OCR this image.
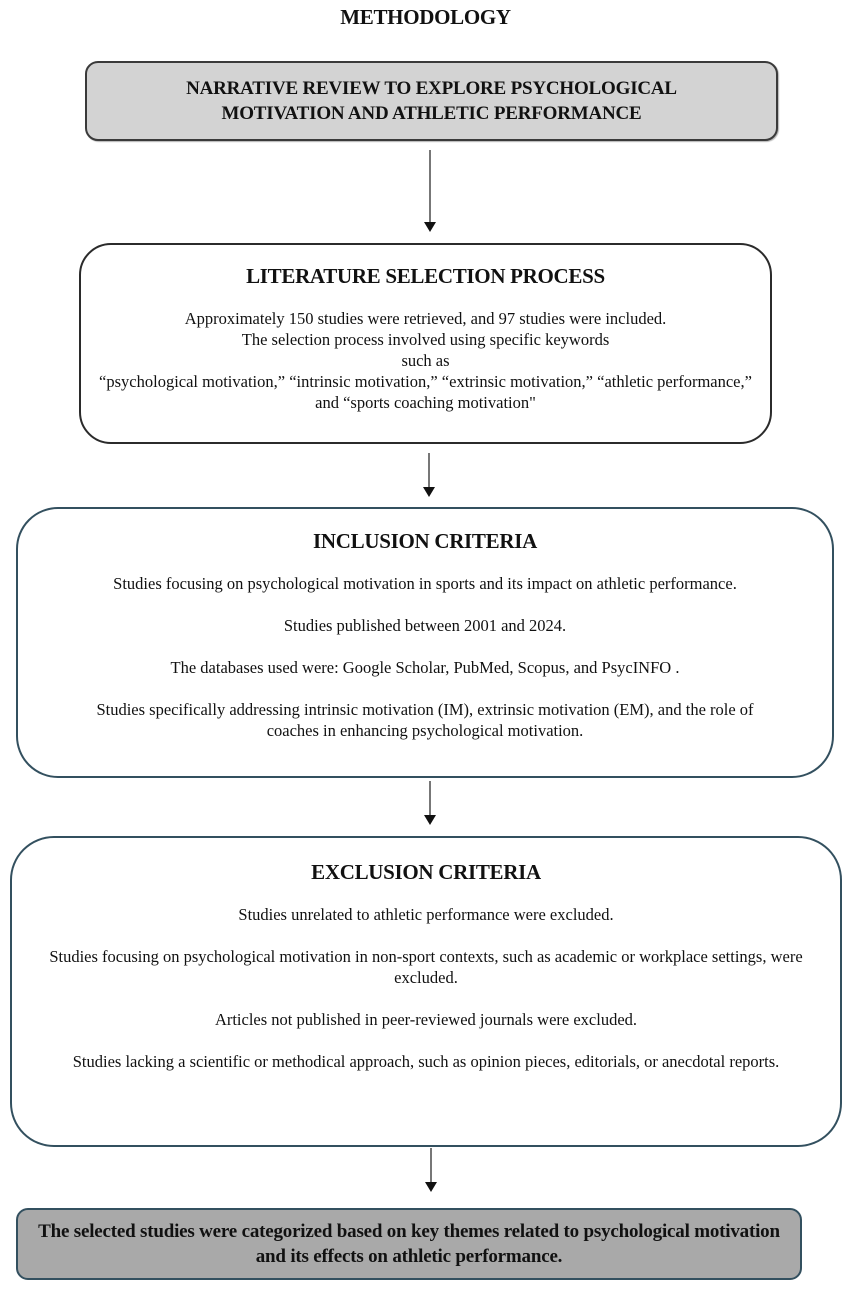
METHODOLOGY
NARRATIVE REVIEW TO EXPLORE PSYCHOLOGICAL MOTIVATION AND ATHLETIC PERFORMANCE
LITERATURE SELECTION PROCESS
Approximately 150 studies were retrieved, and 97 studies were included.
The selection process involved using specific keywords
such as
“psychological motivation,” “intrinsic motivation,” “extrinsic motivation,” “athletic performance,” and “sports coaching motivation"
INCLUSION CRITERIA
Studies focusing on psychological motivation in sports and its impact on athletic performance.
Studies published between 2001 and 2024.
The databases used were: Google Scholar, PubMed, Scopus, and PsycINFO .
Studies specifically addressing intrinsic motivation (IM), extrinsic motivation (EM), and the role of coaches in enhancing psychological motivation.
EXCLUSION CRITERIA
Studies unrelated to athletic performance were excluded.
Studies focusing on psychological motivation in non-sport contexts, such as academic or workplace settings, were excluded.
Articles not published in peer-reviewed journals were excluded.
Studies lacking a scientific or methodical approach, such as opinion pieces, editorials, or anecdotal reports.
The selected studies were categorized based on key themes related to psychological motivation and its effects on athletic performance.
